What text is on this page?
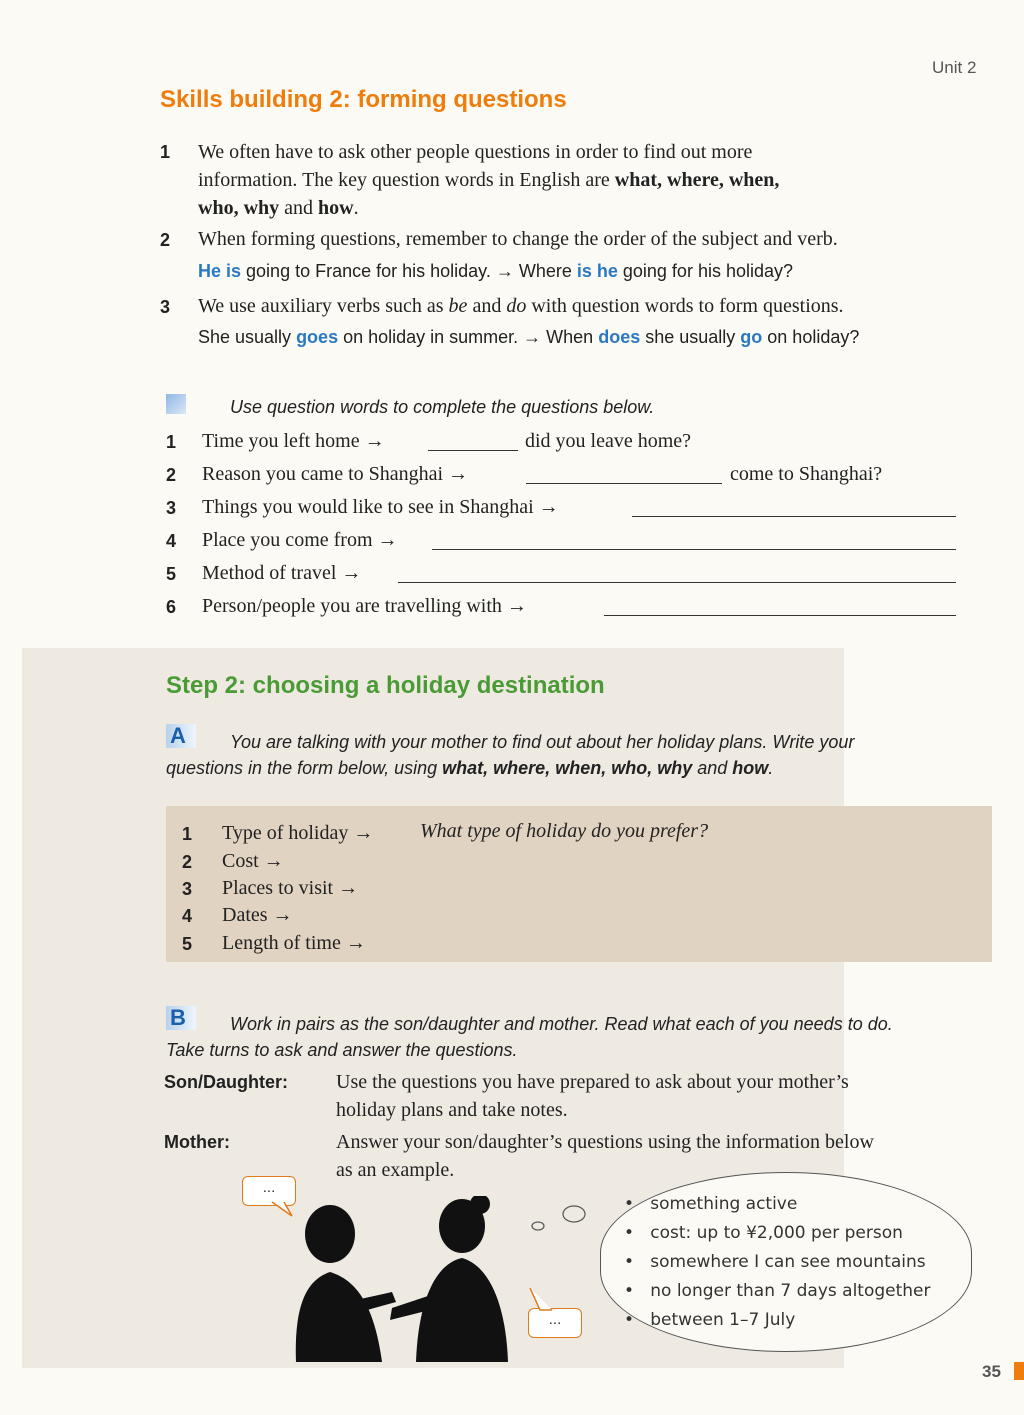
Unit 2
Skills building 2: forming questions
1	We often have to ask other people questions in order to find out more
information. The key question words in English are what, where, when,
who, why and how.
2	When forming questions, remember to change the order of the subject and verb.
He is going to France for his holiday. → Where is he going for his holiday?
3	We use auxiliary verbs such as be and do with question words to form questions.
She usually goes on holiday in summer. → When does she usually go on holiday?
Use question words to complete the questions below.
1	Time you left home →	did you leave home?
2	Reason you came to Shanghai →	come to Shanghai?
3	Things you would like to see in Shanghai →
4	Place you come from →
5	Method of travel →
6	Person/people you are travelling with →
Step 2: choosing a holiday destination
A	You are talking with your mother to find out about her holiday plans. Write your
questions in the form below, using what, where, when, who, why and how.
1	Type of holiday → What type of holiday do you prefer?
2	Cost →
3	Places to visit →
4	Dates →
5	Length of time →
B	Work in pairs as the son/daughter and mother. Read what each of you needs to do.
Take turns to ask and answer the questions.
Son/Daughter: Use the questions you have prepared to ask about your mother’s
holiday plans and take notes.
Mother:	Answer your son/daughter’s questions using the information below
as an example.
...
...
•   something active
•   cost: up to ¥2,000 per person
•   somewhere I can see mountains
•   no longer than 7 days altogether
•   between 1–7 July
35
